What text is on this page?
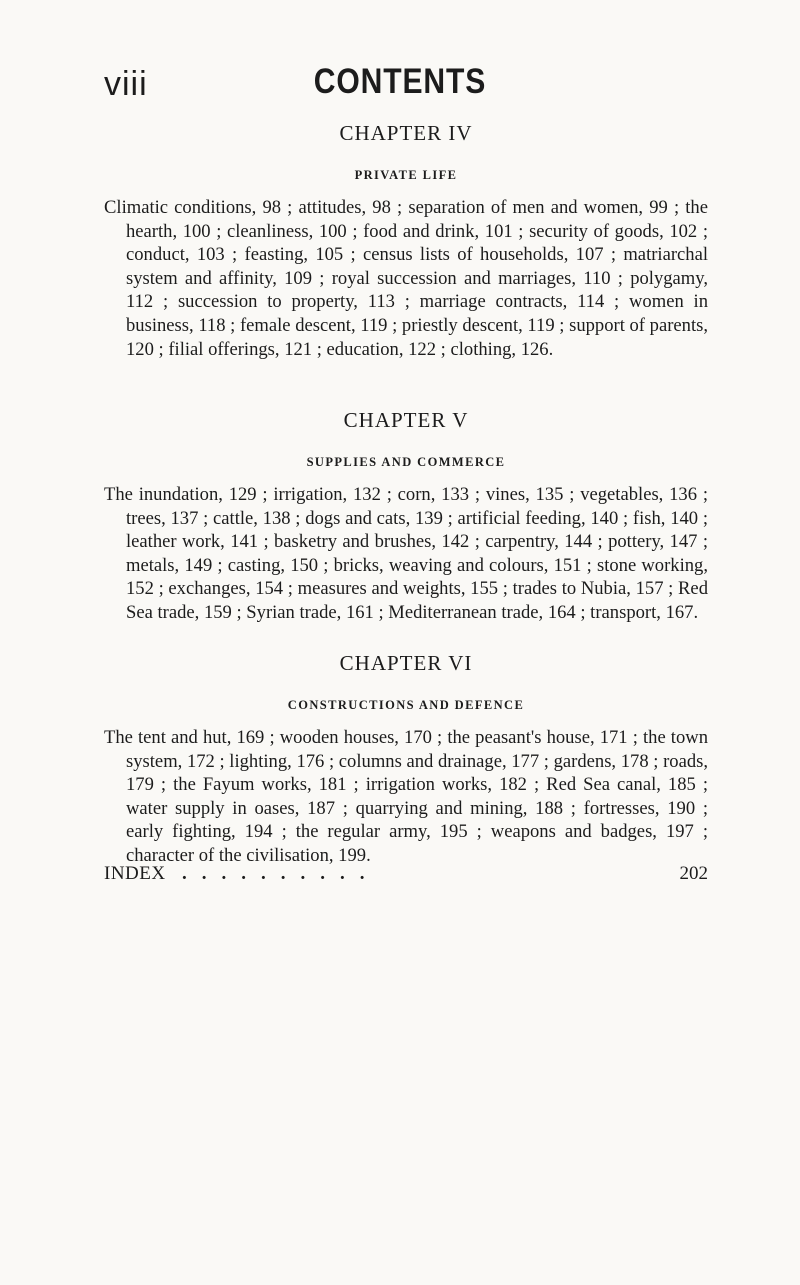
CONTENTS
viii

CHAPTER IV

PRIVATE LIFE

Climatic conditions, 98 ; attitudes, 98 ; separation of men and women, 99 ; the hearth, 100 ; cleanliness, 100 ; food and drink, 101 ; security of goods, 102 ; conduct, 103 ; feasting, 105 ; census lists of households, 107 ; matriarchal system and affinity, 109 ; royal succession and marriages, 110 ; polygamy, 112 ; succession to property, 113 ; marriage contracts, 114 ; women in business, 118 ; female descent, 119 ; priestly descent, 119 ; support of parents, 120 ; filial offerings, 121 ; education, 122 ; clothing, 126.

CHAPTER V

SUPPLIES AND COMMERCE

The inundation, 129 ; irrigation, 132 ; corn, 133 ; vines, 135 ; vegetables, 136 ; trees, 137 ; cattle, 138 ; dogs and cats, 139 ; artificial feeding, 140 ; fish, 140 ; leather work, 141 ; basketry and brushes, 142 ; carpentry, 144 ; pottery, 147 ; metals, 149 ; casting, 150 ; bricks, weaving and colours, 151 ; stone working, 152 ; exchanges, 154 ; measures and weights, 155 ; trades to Nubia, 157 ; Red Sea trade, 159 ; Syrian trade, 161 ; Mediterranean trade, 164 ; transport, 167.

CHAPTER VI

CONSTRUCTIONS AND DEFENCE

The tent and hut, 169 ; wooden houses, 170 ; the peasant's house, 171 ; the town system, 172 ; lighting, 176 ; columns and drainage, 177 ; gardens, 178 ; roads, 179 ; the Fayum works, 181 ; irrigation works, 182 ; Red Sea canal, 185 ; water supply in oases, 187 ; quarrying and mining, 188 ; fortresses, 190 ; early fighting, 194 ; the regular army, 195 ; weapons and badges, 197 ; character of the civilisation, 199.

INDEX ..........	202
